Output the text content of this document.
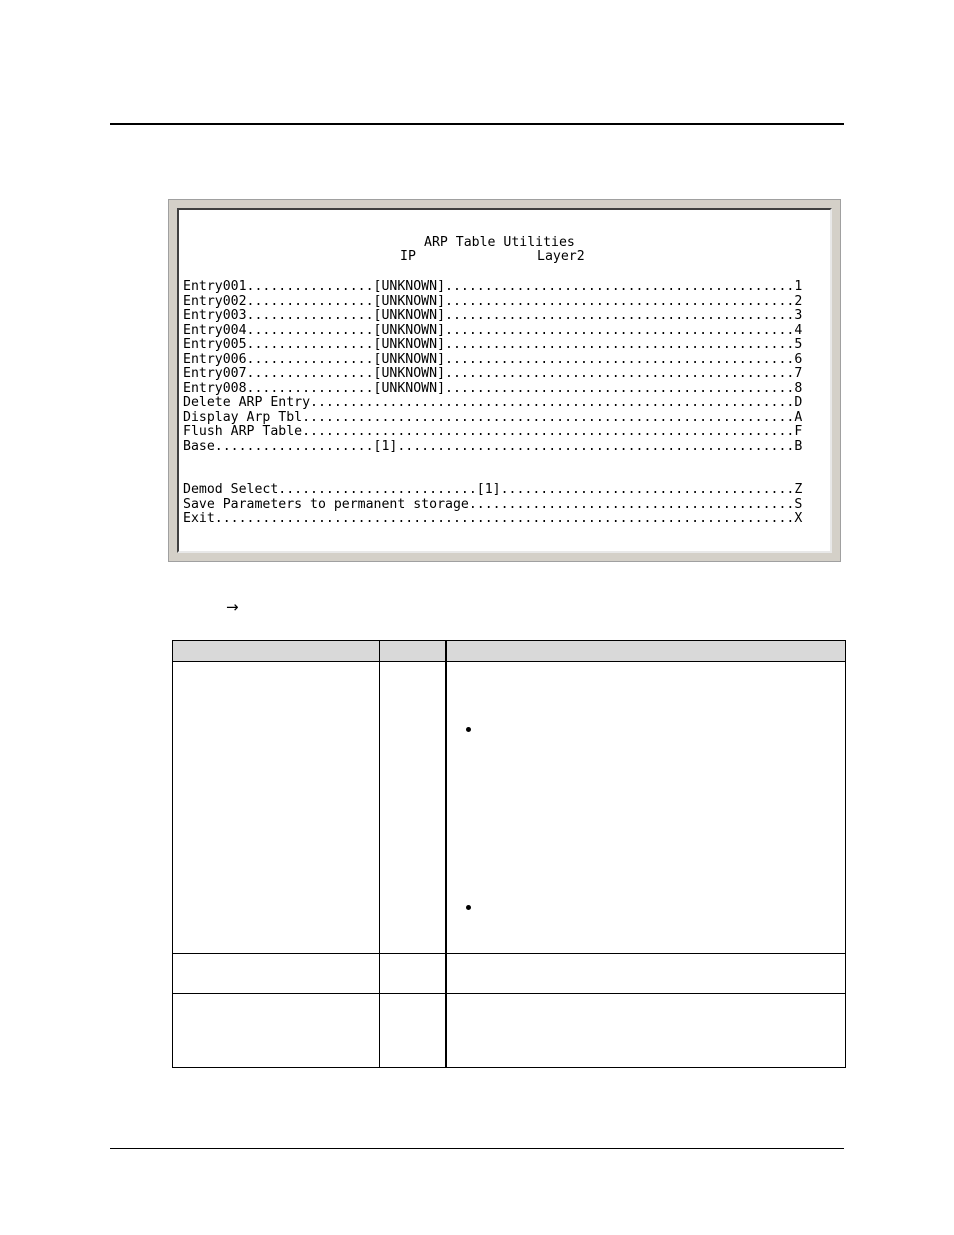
ARP Table Utilities

IP

	Layer2

Entry001................[UNKNOWN]............................................1

Entry002................[UNKNOWN]............................................2

Entry003................[UNKNOWN]............................................3

Entry004................[UNKNOWN]............................................4

Entry005................[UNKNOWN]............................................5

Entry006................[UNKNOWN]............................................6

Entry007................[UNKNOWN]............................................7

Entry008................[UNKNOWN]............................................8

Delete ARP Entry.............................................................D

Display Arp Tbl..............................................................A

Flush ARP Table..............................................................F

Base....................[1]..................................................B

Demod Select.........................[1].....................................Z

Save Parameters to permanent storage.........................................S

Exit.........................................................................X

→
